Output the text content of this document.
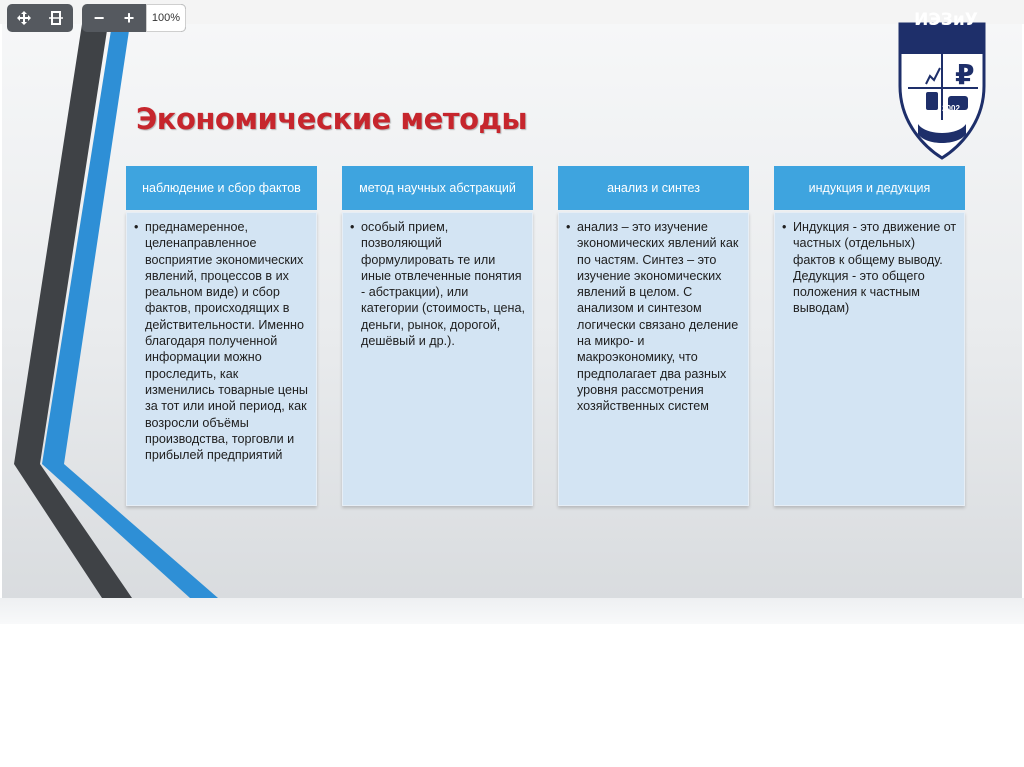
Экономические методы
наблюдение и сбор фактов
• преднамеренное, целенаправленное восприятие экономических явлений, процессов в их реальном виде) и сбор фактов, происходящих в действительности. Именно благодаря полученной информации можно проследить, как изменились товарные цены за тот или иной период, как возросли объёмы производства, торговли и прибылей предприятий
метод научных абстракций
• особый прием, позволяющий формулировать те или иные отвлеченные понятия - абстракции), или категории (стоимость, цена, деньги, рынок, дорогой, дешёвый и др.).
анализ и синтез
• анализ – это изучение экономических явлений как по частям. Синтез – это изучение экономических явлений в целом. С анализом и синтезом логически связано деление на микро- и макроэкономику, что предполагает два разных уровня рассмотрения хозяйственных систем
индукция и дедукция
• Индукция - это движение от частных (отдельных) фактов к общему выводу. Дедукция - это общего положения к частным выводам)
ИЭЗиУ
₽
2002
− +	100%
